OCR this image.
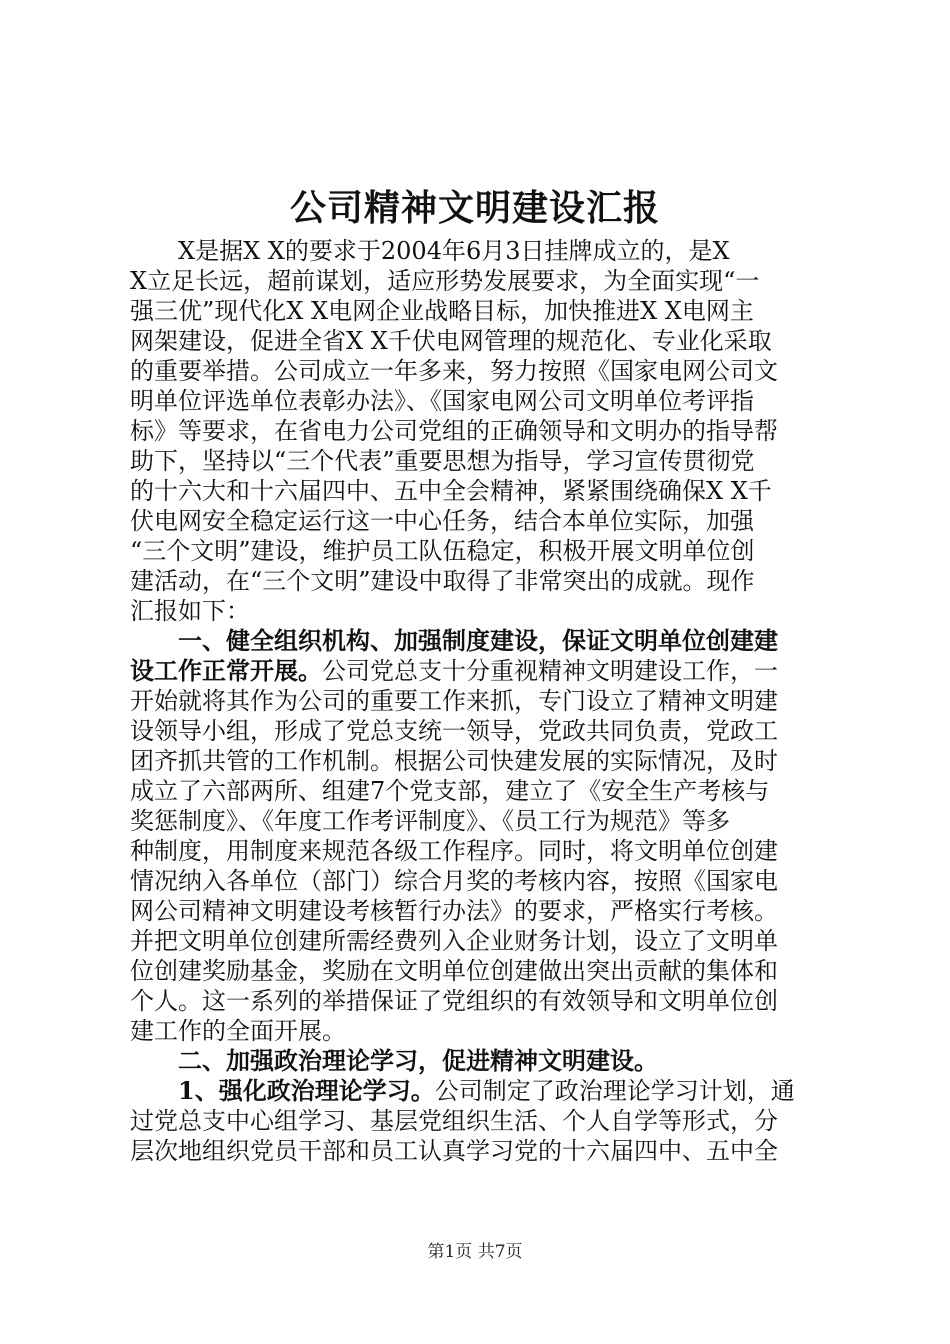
公司精神文明建设汇报
X是据X X的要求于2004年6月3日挂牌成立的，是X
X立足长远，超前谋划，适应形势发展要求，为全面实现“一
强三优”现代化X X电网企业战略目标，加快推进X X电网主
网架建设，促进全省X X千伏电网管理的规范化、专业化采取
的重要举措。公司成立一年多来，努力按照《国家电网公司文
明单位评选单位表彰办法》、《国家电网公司文明单位考评指
标》等要求，在省电力公司党组的正确领导和文明办的指导帮
助下，坚持以“三个代表”重要思想为指导，学习宣传贯彻党
的十六大和十六届四中、五中全会精神，紧紧围绕确保X X千
伏电网安全稳定运行这一中心任务，结合本单位实际，加强
“三个文明”建设，维护员工队伍稳定，积极开展文明单位创
建活动，在“三个文明”建设中取得了非常突出的成就。现作
汇报如下：
一、健全组织机构、加强制度建设，保证文明单位创建建
设工作正常开展。公司党总支十分重视精神文明建设工作，一
开始就将其作为公司的重要工作来抓，专门设立了精神文明建
设领导小组，形成了党总支统一领导，党政共同负责，党政工
团齐抓共管的工作机制。根据公司快建发展的实际情况，及时
成立了六部两所、组建7个党支部，建立了《安全生产考核与
奖惩制度》、《年度工作考评制度》、《员工行为规范》等多
种制度，用制度来规范各级工作程序。同时，将文明单位创建
情况纳入各单位（部门）综合月奖的考核内容，按照《国家电
网公司精神文明建设考核暂行办法》的要求，严格实行考核。
并把文明单位创建所需经费列入企业财务计划，设立了文明单
位创建奖励基金，奖励在文明单位创建做出突出贡献的集体和
个人。这一系列的举措保证了党组织的有效领导和文明单位创
建工作的全面开展。
二、加强政治理论学习，促进精神文明建设。
1、强化政治理论学习。公司制定了政治理论学习计划，通
过党总支中心组学习、基层党组织生活、个人自学等形式，分
层次地组织党员干部和员工认真学习党的十六届四中、五中全
第1页 共7页
